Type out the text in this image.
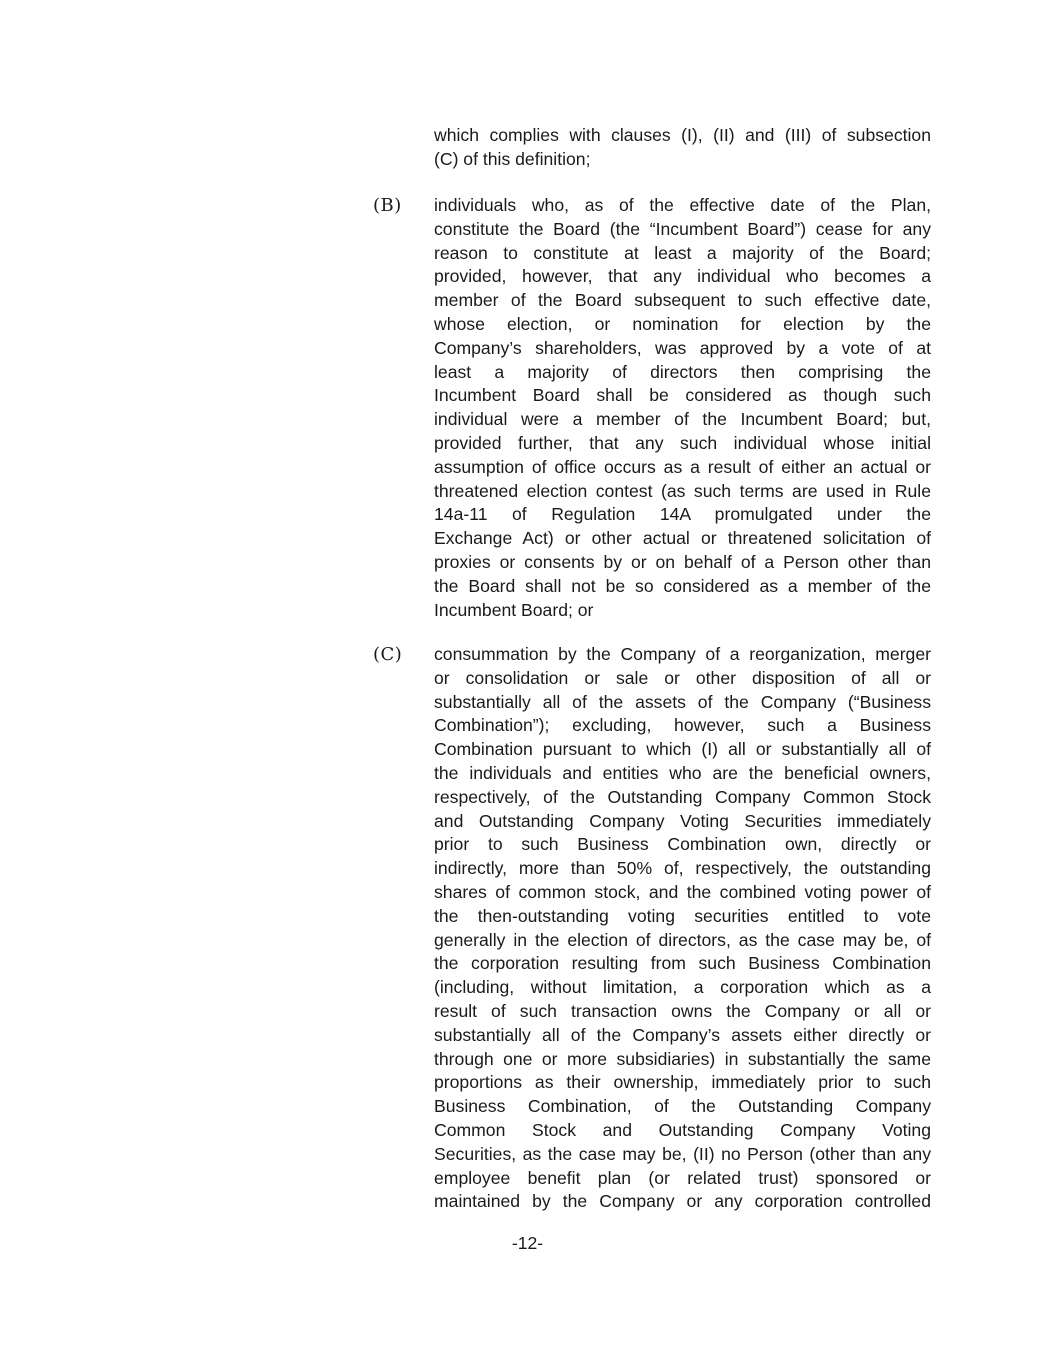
which complies with clauses (I), (II) and (III) of subsection
(C) of this definition;
(B) individuals who, as of the effective date of the Plan,
constitute the Board (the “Incumbent Board”) cease for any
reason to constitute at least a majority of the Board;
provided, however, that any individual who becomes a
member of the Board subsequent to such effective date,
whose election, or nomination for election by the
Company’s shareholders, was approved by a vote of at
least a majority of directors then comprising the
Incumbent Board shall be considered as though such
individual were a member of the Incumbent Board; but,
provided further, that any such individual whose initial
assumption of office occurs as a result of either an actual or
threatened election contest (as such terms are used in Rule
14a-11 of Regulation 14A promulgated under the
Exchange Act) or other actual or threatened solicitation of
proxies or consents by or on behalf of a Person other than
the Board shall not be so considered as a member of the
Incumbent Board; or
(C) consummation by the Company of a reorganization, merger
or consolidation or sale or other disposition of all or
substantially all of the assets of the Company (“Business
Combination”); excluding, however, such a Business
Combination pursuant to which (I) all or substantially all of
the individuals and entities who are the beneficial owners,
respectively, of the Outstanding Company Common Stock
and Outstanding Company Voting Securities immediately
prior to such Business Combination own, directly or
indirectly, more than 50% of, respectively, the outstanding
shares of common stock, and the combined voting power of
the then-outstanding voting securities entitled to vote
generally in the election of directors, as the case may be, of
the corporation resulting from such Business Combination
(including, without limitation, a corporation which as a
result of such transaction owns the Company or all or
substantially all of the Company’s assets either directly or
through one or more subsidiaries) in substantially the same
proportions as their ownership, immediately prior to such
Business Combination, of the Outstanding Company
Common Stock and Outstanding Company Voting
Securities, as the case may be, (II) no Person (other than any
employee benefit plan (or related trust) sponsored or
maintained by the Company or any corporation controlled
-12-
